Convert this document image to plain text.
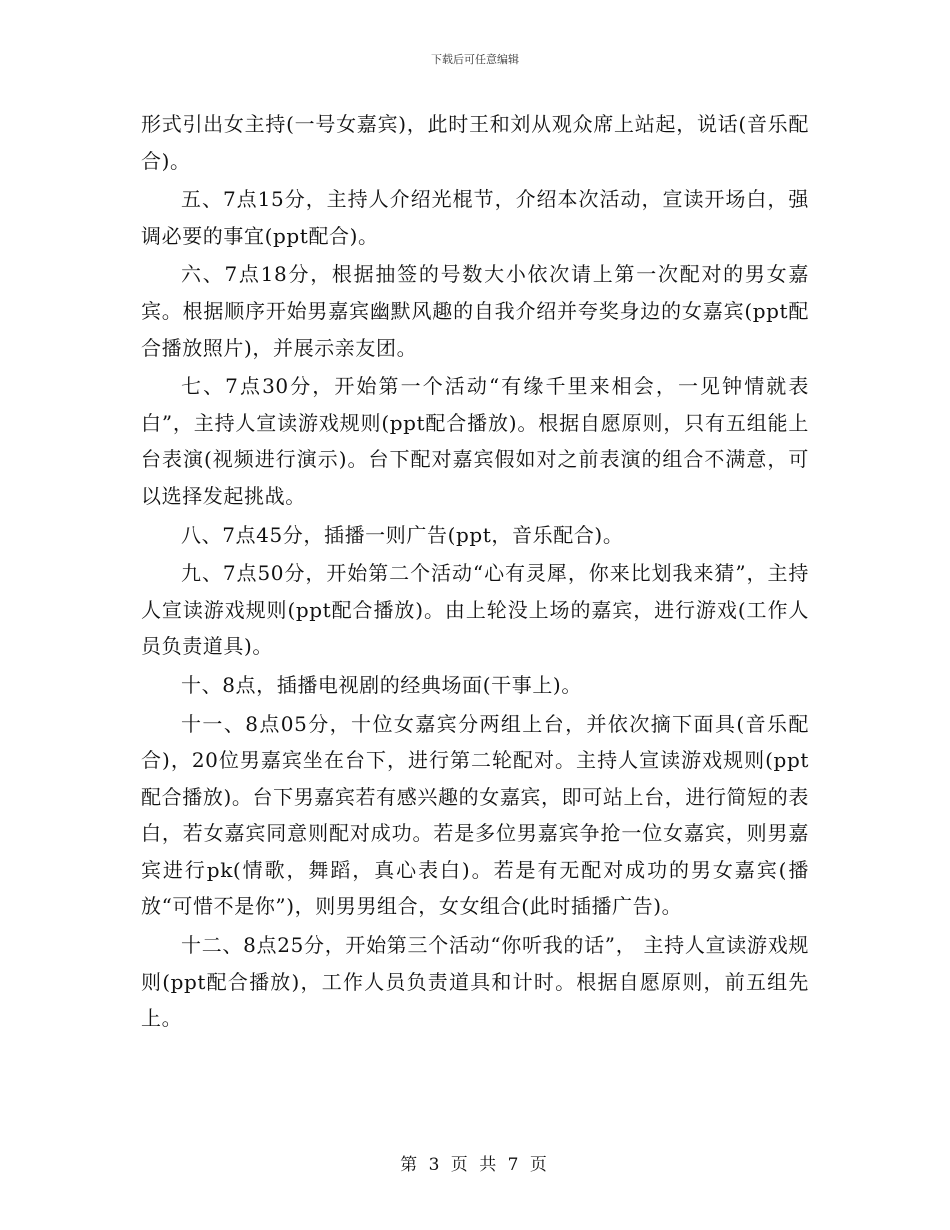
下载后可任意编辑

形式引出女主持(一号女嘉宾)，此时王和刘从观众席上站起，说话(音乐配合)。

五、7点15分，主持人介绍光棍节，介绍本次活动，宣读开场白，强调必要的事宜(ppt配合)。

六、7点18分，根据抽签的号数大小依次请上第一次配对的男女嘉宾。根据顺序开始男嘉宾幽默风趣的自我介绍并夸奖身边的女嘉宾(ppt配合播放照片)，并展示亲友团。

七、7点30分，开始第一个活动“有缘千里来相会，一见钟情就表白”，主持人宣读游戏规则(ppt配合播放)。根据自愿原则，只有五组能上台表演(视频进行演示)。台下配对嘉宾假如对之前表演的组合不满意，可以选择发起挑战。

八、7点45分，插播一则广告(ppt，音乐配合)。

九、7点50分，开始第二个活动“心有灵犀，你来比划我来猜”，主持人宣读游戏规则(ppt配合播放)。由上轮没上场的嘉宾，进行游戏(工作人员负责道具)。

十、8点，插播电视剧的经典场面(干事上)。

十一、8点05分，十位女嘉宾分两组上台，并依次摘下面具(音乐配合)，20位男嘉宾坐在台下，进行第二轮配对。主持人宣读游戏规则(ppt配合播放)。台下男嘉宾若有感兴趣的女嘉宾，即可站上台，进行简短的表白，若女嘉宾同意则配对成功。若是多位男嘉宾争抢一位女嘉宾，则男嘉宾进行pk(情歌，舞蹈，真心表白)。若是有无配对成功的男女嘉宾(播放“可惜不是你”)，则男男组合，女女组合(此时插播广告)。

十二、8点25分，开始第三个活动“你听我的话”， 主持人宣读游戏规则(ppt配合播放)，工作人员负责道具和计时。根据自愿原则，前五组先上。

第 3 页 共 7 页
